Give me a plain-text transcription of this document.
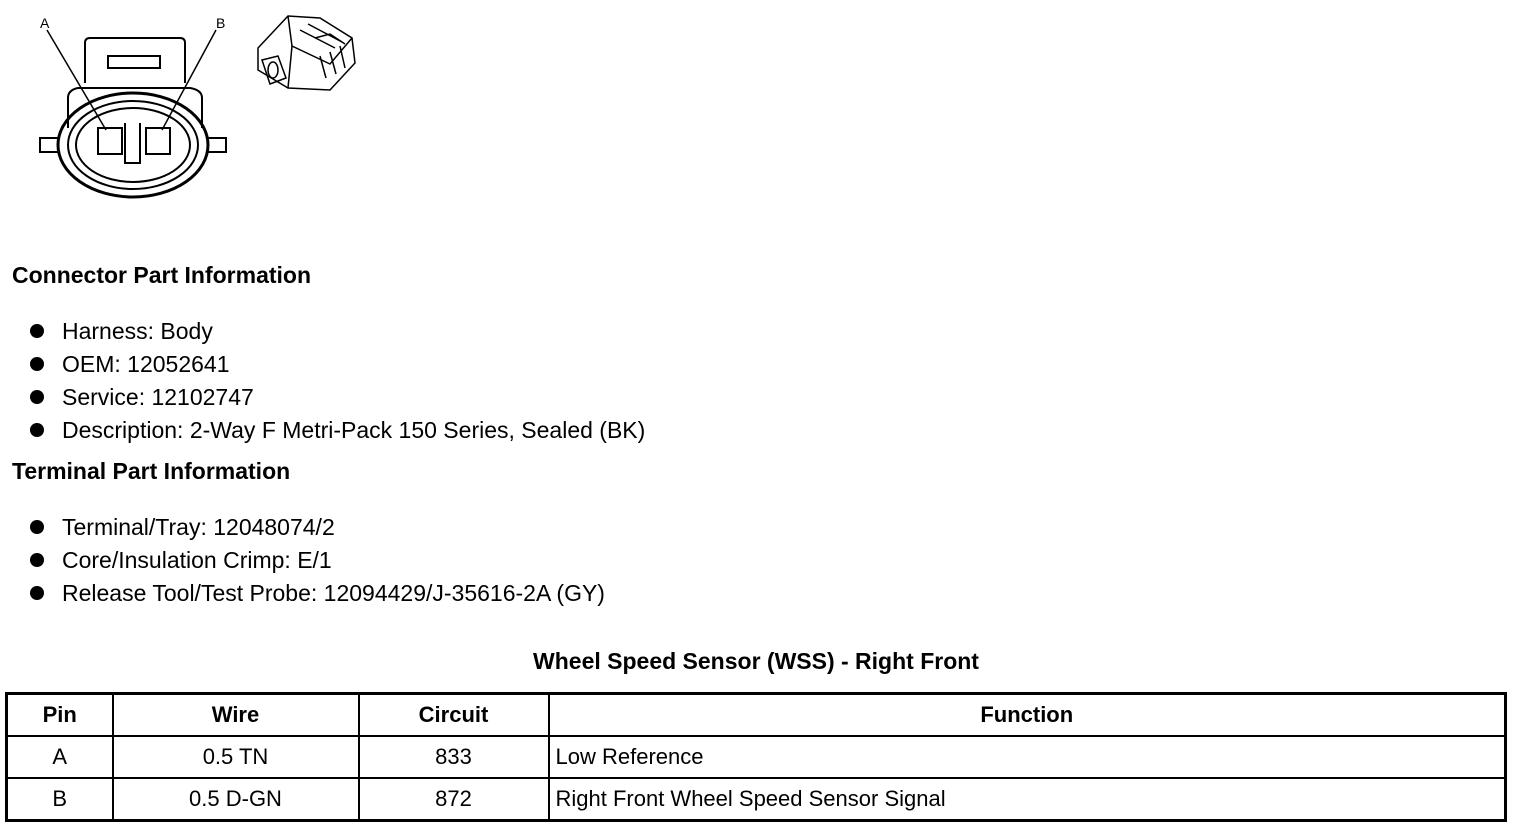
A	B
Connector Part Information
Harness: Body
OEM: 12052641
Service: 12102747
Description: 2-Way F Metri-Pack 150 Series, Sealed (BK)
Terminal Part Information
Terminal/Tray: 12048074/2
Core/Insulation Crimp: E/1
Release Tool/Test Probe: 12094429/J-35616-2A (GY)
Wheel Speed Sensor (WSS) - Right Front
Pin	Wire	Circuit	Function
A	0.5 TN	833	Low Reference
B	0.5 D-GN	872	Right Front Wheel Speed Sensor Signal
